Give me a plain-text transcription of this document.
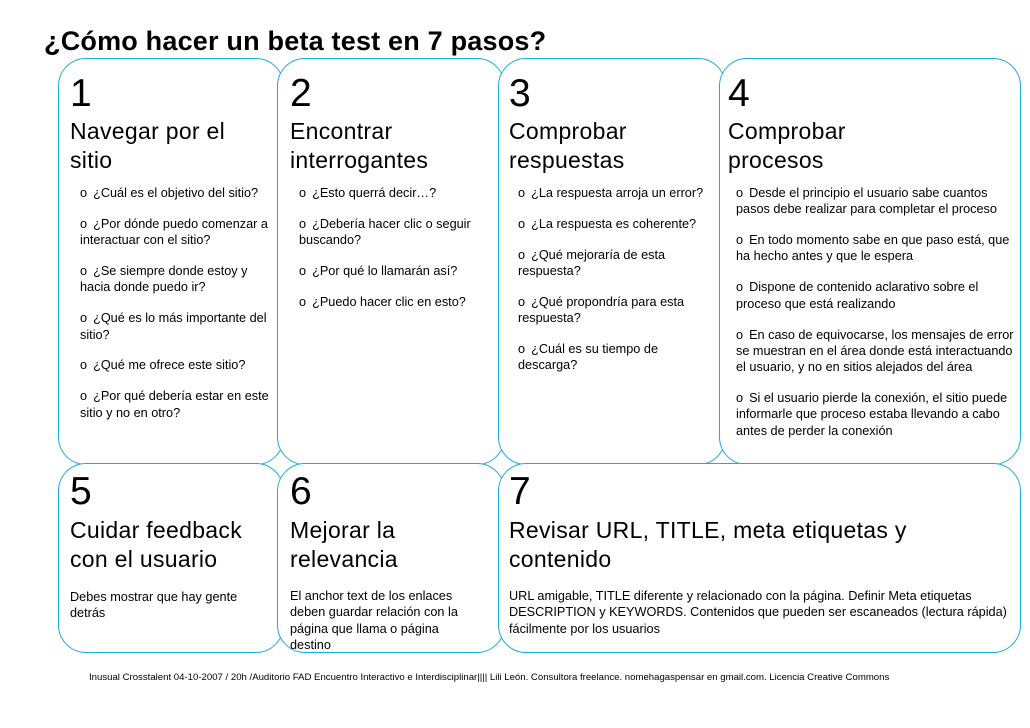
¿Cómo hacer un beta test en 7 pasos?
1
Navegar por el
sitio
o ¿Cuál es el objetivo del sitio?
o ¿Por dónde puedo comenzar a interactuar con el sitio?
o ¿Se siempre donde estoy y hacia donde puedo ir?
o ¿Qué es lo más importante del sitio?
o ¿Qué me ofrece este sitio?
o ¿Por qué debería estar en este sitio y no en otro?
2
Encontrar
interrogantes
o ¿Esto querrá decir…?
o ¿Debería hacer clic o seguir buscando?
o ¿Por qué lo llamarán así?
o ¿Puedo hacer clic en esto?
3
Comprobar
respuestas
o ¿La respuesta arroja un error?
o ¿La respuesta es coherente?
o ¿Qué mejoraría de esta respuesta?
o ¿Qué propondría para esta respuesta?
o ¿Cuál es su tiempo de descarga?
4
Comprobar
procesos
o Desde el principio el usuario sabe cuantos pasos debe realizar para completar el proceso
o En todo momento sabe en que paso está, que ha hecho antes y que le espera
o Dispone de contenido aclarativo sobre el proceso que está realizando
o En caso de equivocarse, los mensajes de error se muestran en el área donde está interactuando el usuario, y no en sitios alejados del área
o Si el usuario pierde la conexión, el sitio puede informarle que proceso estaba llevando a cabo antes de perder la conexión
5
Cuidar feedback
con el usuario
Debes mostrar que hay gente detrás
6
Mejorar la
relevancia
El anchor text de los enlaces deben guardar relación con la página que llama o página destino
7
Revisar URL, TITLE, meta etiquetas y
contenido
URL amigable, TITLE diferente y relacionado con la página. Definir Meta etiquetas DESCRIPTION y KEYWORDS. Contenidos que pueden ser escaneados (lectura rápida) fácilmente por los usuarios
Inusual Crosstalent 04-10-2007 / 20h /Auditorio FAD Encuentro Interactivo e Interdisciplinar|||| Lili León. Consultora freelance. nomehagaspensar en gmail.com. Licencia Creative Commons
